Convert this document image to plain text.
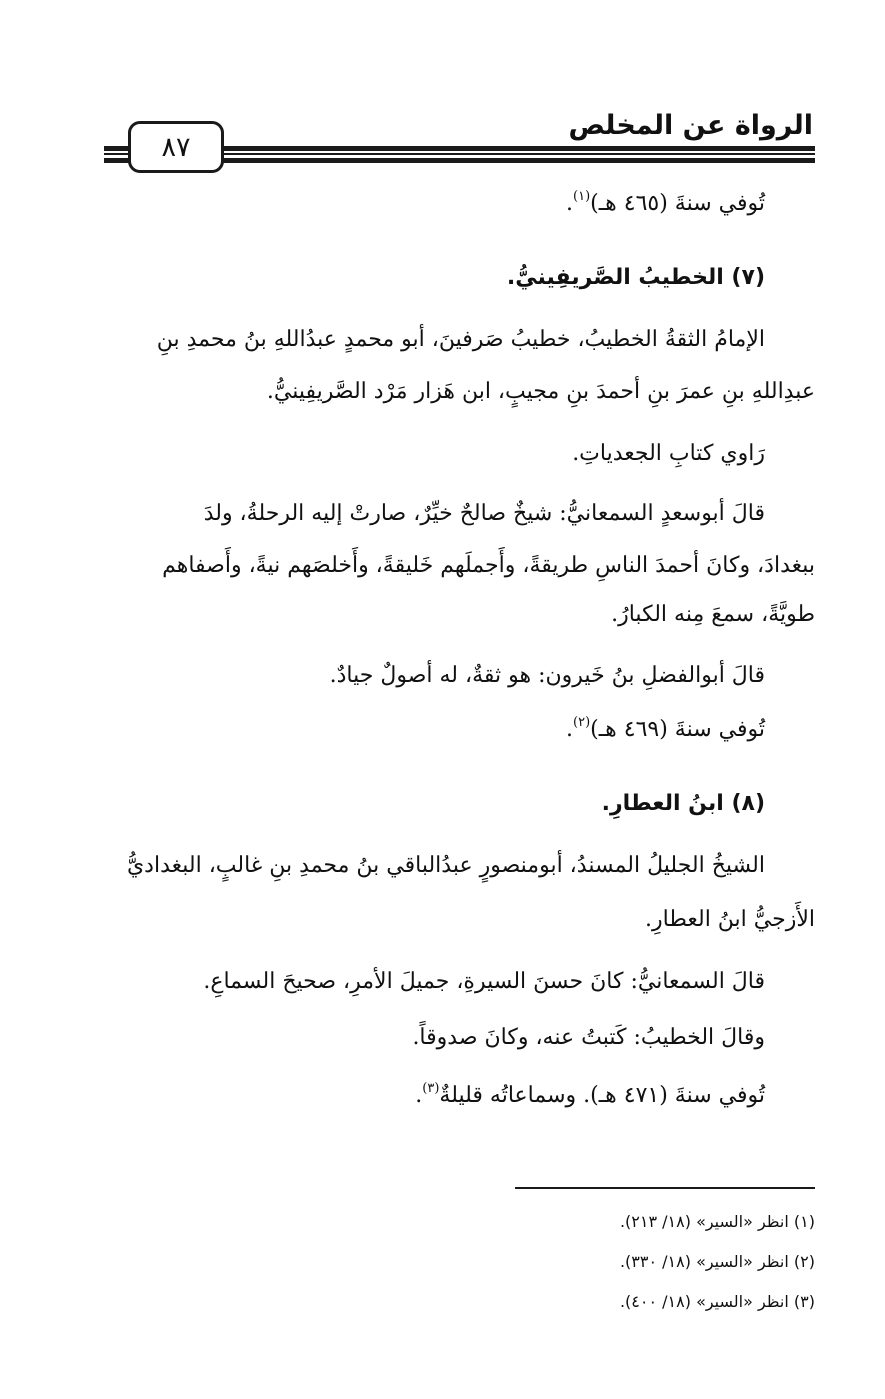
الرواة عن المخلص
٨٧
تُوفي سنةَ (٤٦٥ هـ)$^{(١)}$.
(٧) الخطيبُ الصَّريفِينيُّ.
الإمامُ الثقةُ الخطيبُ، خطيبُ صَرفينَ، أبو محمدٍ عبدُاللهِ بنُ محمدِ بنِ
عبدِاللهِ بنِ عمرَ بنِ أحمدَ بنِ مجيبٍ، ابن هَزار مَرْد الصَّريفِينيُّ.
رَاوي كتابِ الجعدياتِ.
قالَ أبوسعدٍ السمعانيُّ: شيخٌ صالحٌ خيِّرٌ، صارتْ إليه الرحلةُ، ولدَ
ببغدادَ، وكانَ أحمدَ الناسِ طريقةً، وأَجملَهم خَليقةً، وأَخلصَهم نيةً، وأَصفاهم
طويَّةً، سمعَ مِنه الكبارُ.
قالَ أبوالفضلِ بنُ خَيرون: هو ثقةٌ، له أصولٌ جيادٌ.
تُوفي سنةَ (٤٦٩ هـ)$^{(٢)}$.
(٨) ابنُ العطارِ.
الشيخُ الجليلُ المسندُ، أبومنصورٍ عبدُالباقي بنُ محمدِ بنِ غالبٍ، البغداديُّ
الأَزجيُّ ابنُ العطارِ.
قالَ السمعانيُّ: كانَ حسنَ السيرةِ، جميلَ الأمرِ، صحيحَ السماعِ.
وقالَ الخطيبُ: كَتبتُ عنه، وكانَ صدوقاً.
تُوفي سنةَ (٤٧١ هـ). وسماعاتُه قليلةٌ$^{(٣)}$.
(١) انظر «السير» (١٨/ ٢١٣).
(٢) انظر «السير» (١٨/ ٣٣٠).
(٣) انظر «السير» (١٨/ ٤٠٠).
